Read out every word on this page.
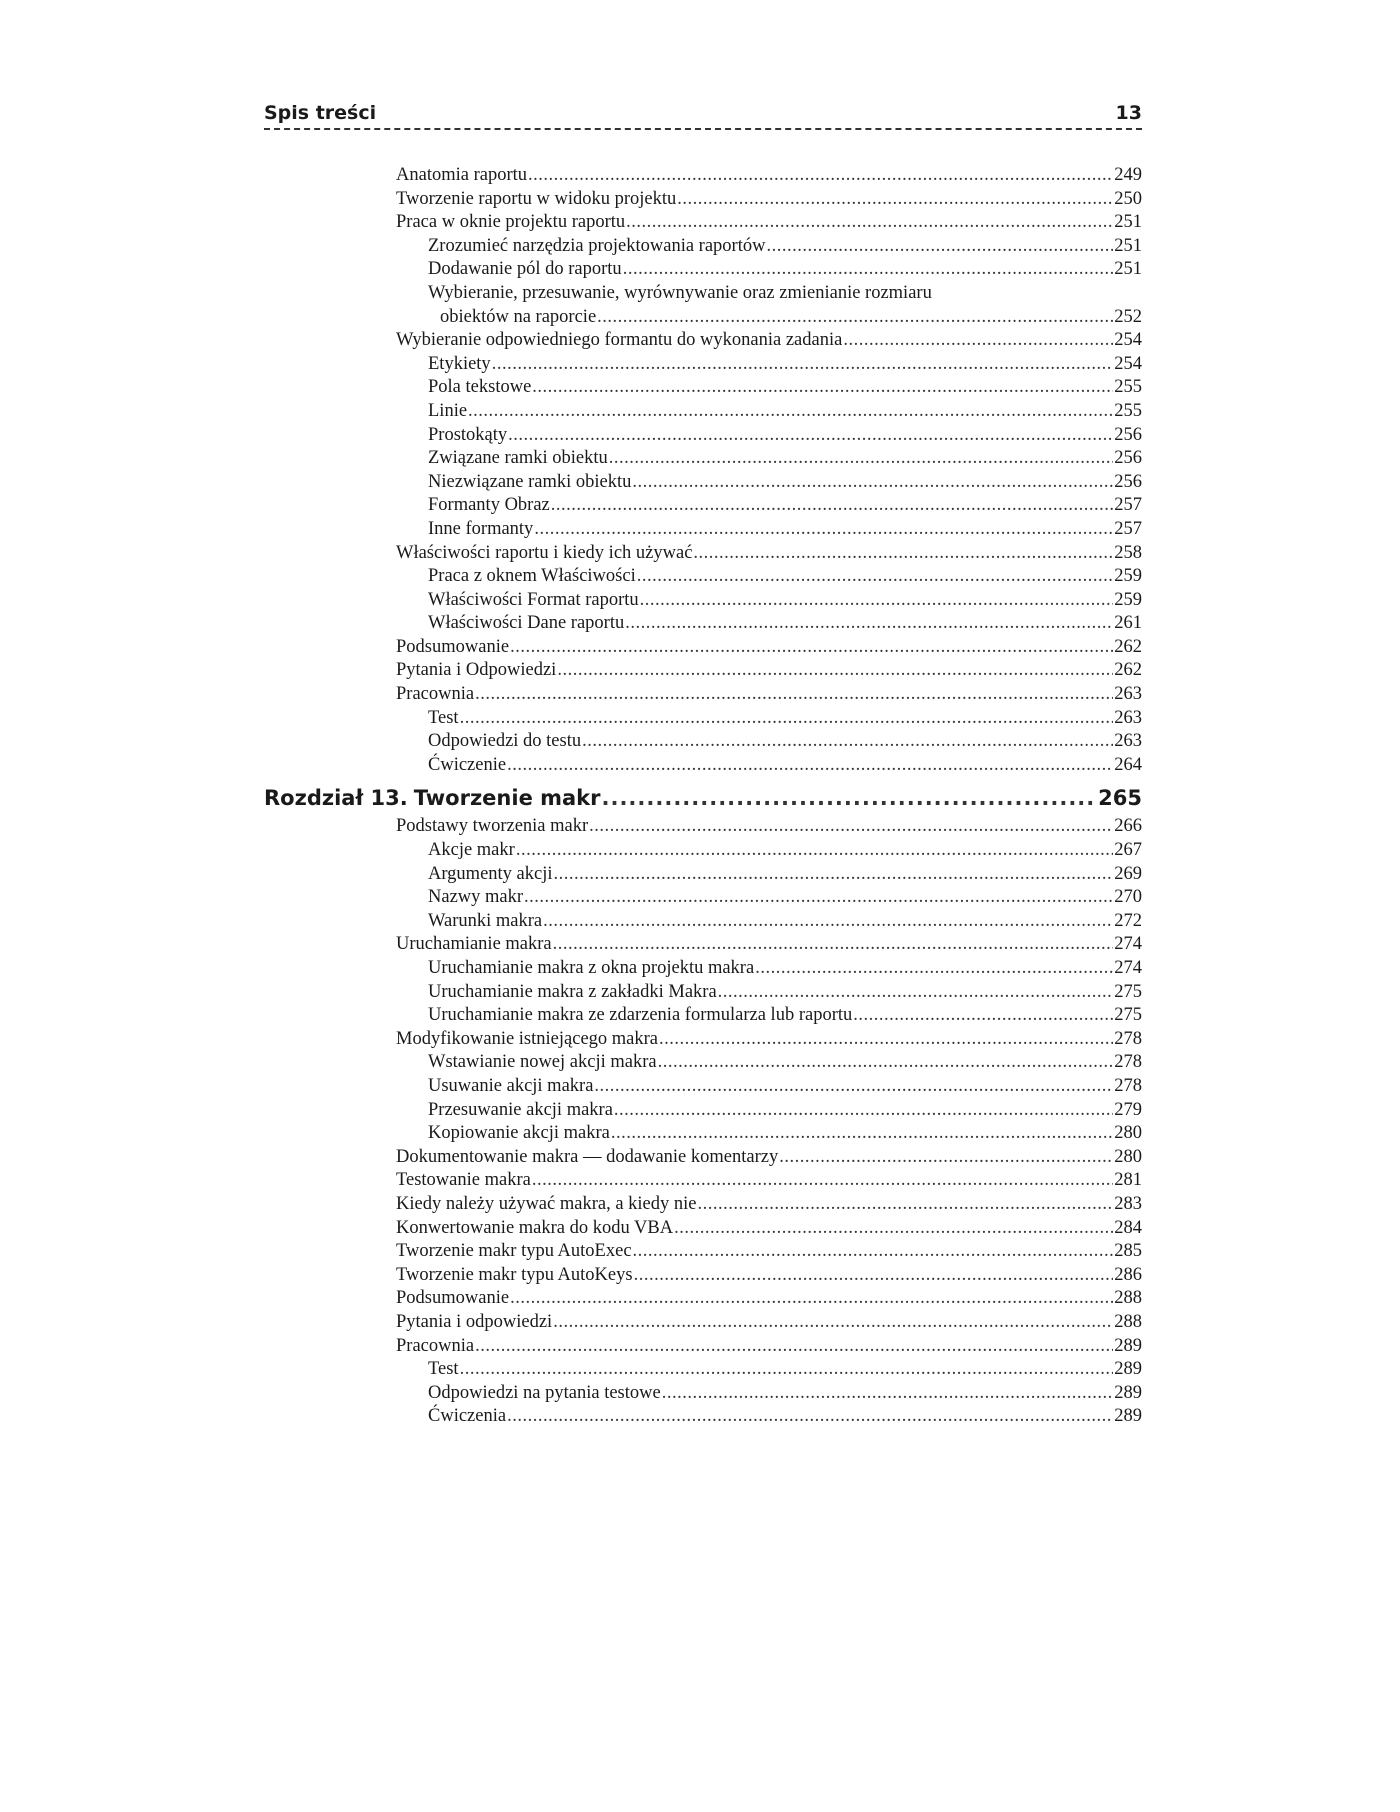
Spis treści	13
Anatomia raportu .....	249
Tworzenie raportu w widoku projektu .....	250
Praca w oknie projektu raportu .....	251
Zrozumieć narzędzia projektowania raportów .....	251
Dodawanie pól do raportu .....	251
Wybieranie, przesuwanie, wyrównywanie oraz zmienianie rozmiaru
obiektów na raporcie .....	252
Wybieranie odpowiedniego formantu do wykonania zadania .....	254
Etykiety .....	254
Pola tekstowe .....	255
Linie .....	255
Prostokąty .....	256
Związane ramki obiektu .....	256
Niezwiązane ramki obiektu .....	256
Formanty Obraz .....	257
Inne formanty .....	257
Właściwości raportu i kiedy ich używać .....	258
Praca z oknem Właściwości .....	259
Właściwości Format raportu .....	259
Właściwości Dane raportu .....	261
Podsumowanie .....	262
Pytania i Odpowiedzi .....	262
Pracownia .....	263
Test .....	263
Odpowiedzi do testu .....	263
Ćwiczenie .....	264
Rozdział 13. Tworzenie makr .....	265
Podstawy tworzenia makr .....	266
Akcje makr .....	267
Argumenty akcji .....	269
Nazwy makr .....	270
Warunki makra .....	272
Uruchamianie makra .....	274
Uruchamianie makra z okna projektu makra .....	274
Uruchamianie makra z zakładki Makra .....	275
Uruchamianie makra ze zdarzenia formularza lub raportu .....	275
Modyfikowanie istniejącego makra .....	278
Wstawianie nowej akcji makra .....	278
Usuwanie akcji makra .....	278
Przesuwanie akcji makra .....	279
Kopiowanie akcji makra .....	280
Dokumentowanie makra — dodawanie komentarzy .....	280
Testowanie makra .....	281
Kiedy należy używać makra, a kiedy nie .....	283
Konwertowanie makra do kodu VBA .....	284
Tworzenie makr typu AutoExec .....	285
Tworzenie makr typu AutoKeys .....	286
Podsumowanie .....	288
Pytania i odpowiedzi .....	288
Pracownia .....	289
Test .....	289
Odpowiedzi na pytania testowe .....	289
Ćwiczenia .....	289
